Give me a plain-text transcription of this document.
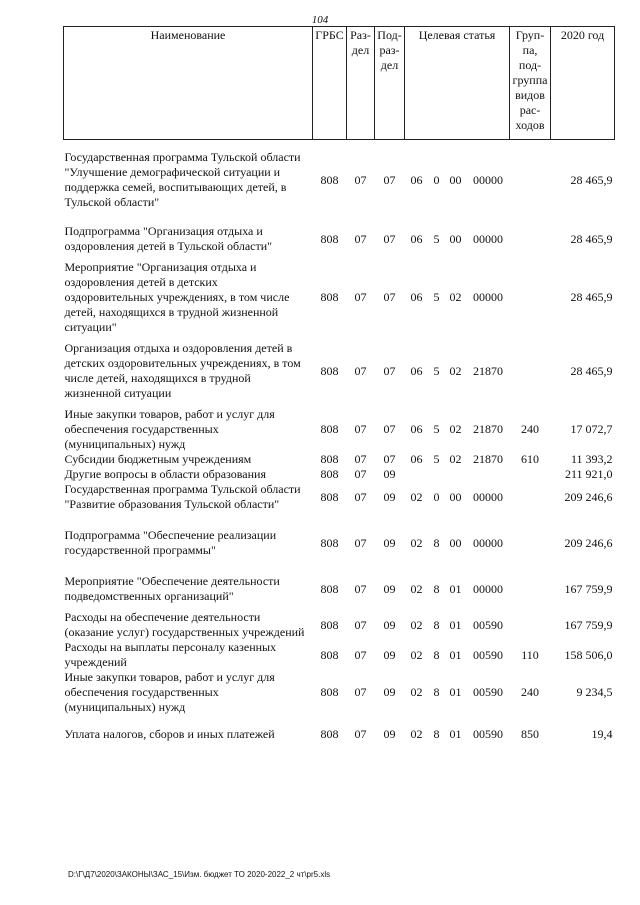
104
Наименование	ГРБС	Раз-дел	Под-раз-дел	Целевая статья				Груп-па, под-группа видов рас-ходов	2020 год

Государственная программа Тульской области "Улучшение демографической ситуации и поддержка семей, воспитывающих детей, в Тульской области"	808	07	07	06	0	00	00000		28 465,9

Подпрограмма "Организация отдыха и оздоровления детей в Тульской области"	808	07	07	06	5	00	00000		28 465,9

Мероприятие "Организация отдыха и оздоровления детей в детских оздоровительных учреждениях, в том числе детей, находящихся в трудной жизненной ситуации"	808	07	07	06	5	02	00000		28 465,9

Организация отдыха и оздоровления детей в детских оздоровительных учреждениях, в том числе детей, находящихся в трудной жизненной ситуации	808	07	07	06	5	02	21870		28 465,9

Иные закупки товаров, работ и услуг для обеспечения государственных (муниципальных) нужд	808	07	07	06	5	02	21870	240	17 072,7
Субсидии бюджетным учреждениям	808	07	07	06	5	02	21870	610	11 393,2
Другие вопросы в области образования	808	07	09						211 921,0
Государственная программа Тульской области "Развитие образования Тульской области"	808	07	09	02	0	00	00000		209 246,6

Подпрограмма "Обеспечение реализации государственной программы"	808	07	09	02	8	00	00000		209 246,6

Мероприятие "Обеспечение деятельности подведомственных организаций"	808	07	09	02	8	01	00000		167 759,9

Расходы на обеспечение деятельности (оказание услуг) государственных учреждений	808	07	09	02	8	01	00590		167 759,9
Расходы на выплаты персоналу казенных учреждений	808	07	09	02	8	01	00590	110	158 506,0
Иные закупки товаров, работ и услуг для обеспечения государственных (муниципальных) нужд	808	07	09	02	8	01	00590	240	9 234,5

Уплата налогов, сборов и иных платежей	808	07	09	02	8	01	00590	850	19,4
D:\Г\Д7\2020\ЗАКОНЫ\ЗАС_15\Изм. бюджет ТО 2020-2022_2 чт\pr5.xls
